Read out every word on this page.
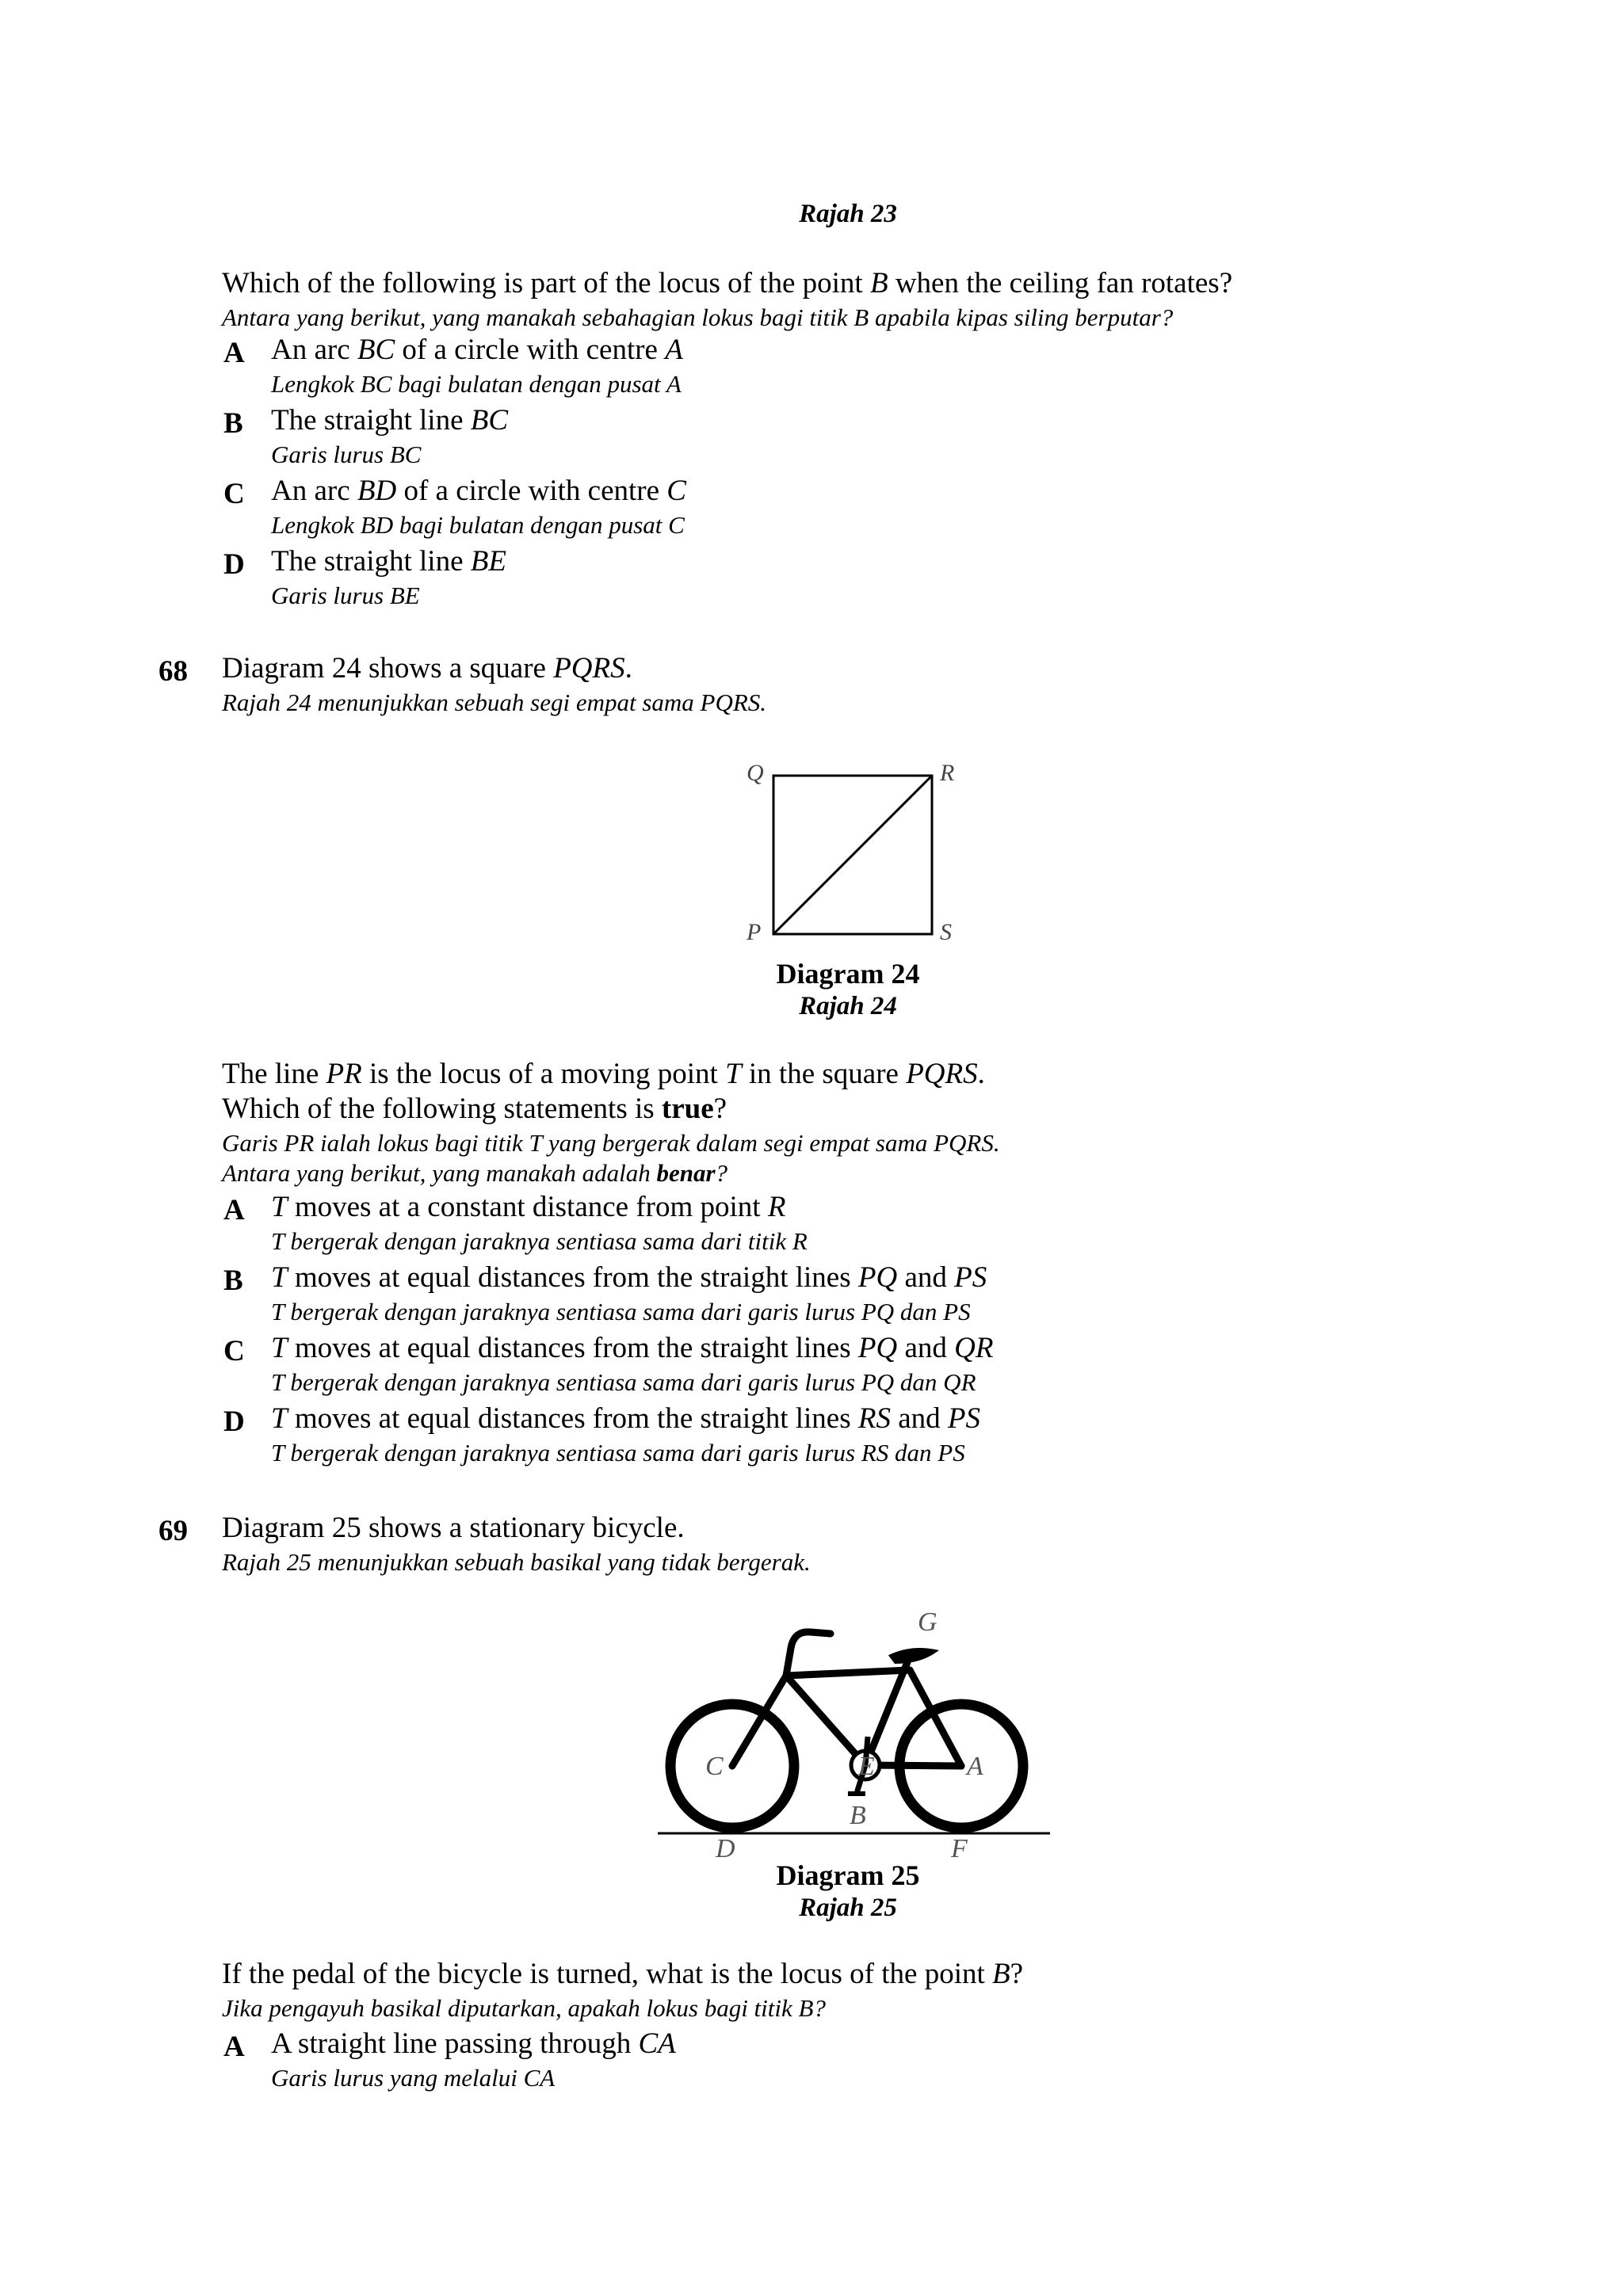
Rajah 23
Which of the following is part of the locus of the point B when the ceiling fan rotates?
Antara yang berikut, yang manakah sebahagian lokus bagi titik B apabila kipas siling berputar?
A An arc BC of a circle with centre A
Lengkok BC bagi bulatan dengan pusat A
B The straight line BC
Garis lurus BC
C An arc BD of a circle with centre C
Lengkok BD bagi bulatan dengan pusat C
D The straight line BE
Garis lurus BE
68 Diagram 24 shows a square PQRS.
Rajah 24 menunjukkan sebuah segi empat sama PQRS.
Q	R
P	S
Diagram 24
Rajah 24
The line PR is the locus of a moving point T in the square PQRS.
Which of the following statements is true?
Garis PR ialah lokus bagi titik T yang bergerak dalam segi empat sama PQRS.
Antara yang berikut, yang manakah adalah benar?
A T moves at a constant distance from point R
T bergerak dengan jaraknya sentiasa sama dari titik R
B T moves at equal distances from the straight lines PQ and PS
T bergerak dengan jaraknya sentiasa sama dari garis lurus PQ dan PS
C T moves at equal distances from the straight lines PQ and QR
T bergerak dengan jaraknya sentiasa sama dari garis lurus PQ dan QR
D T moves at equal distances from the straight lines RS and PS
T bergerak dengan jaraknya sentiasa sama dari garis lurus RS dan PS
69 Diagram 25 shows a stationary bicycle.
Rajah 25 menunjukkan sebuah basikal yang tidak bergerak.
G
C	E	A
B
D	F
Diagram 25
Rajah 25
If the pedal of the bicycle is turned, what is the locus of the point B?
Jika pengayuh basikal diputarkan, apakah lokus bagi titik B?
A A straight line passing through CA
Garis lurus yang melalui CA
